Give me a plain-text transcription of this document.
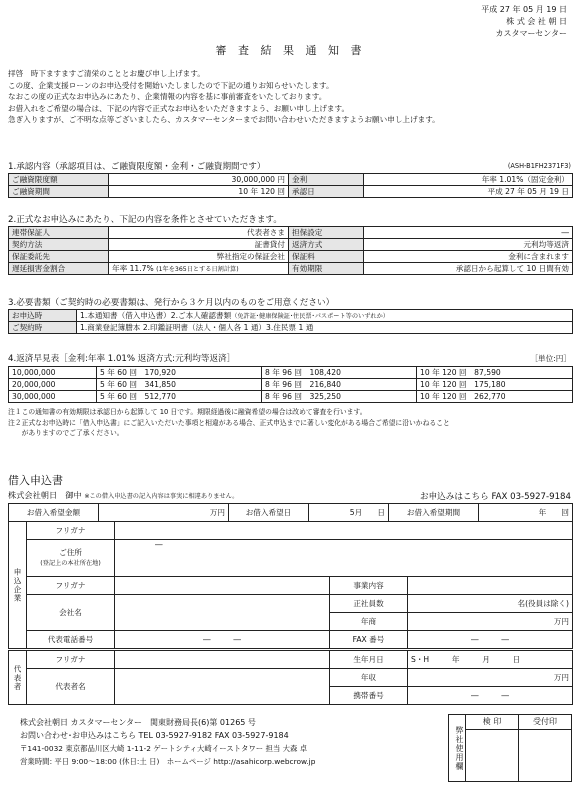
平成 27 年 05 月 19 日
株 式 会 社 朝 日
カスタマーセンター
審 査 結 果 通 知 書
拝啓　時下ますますご清栄のこととお慶び申し上げます。
この度、企業支援ローンのお申込受付を開始いたしましたので下記の通りお知らせいたします。
なおこの度の正式なお申込みにあたり、企業情報の内容を基に事前審査をいたしております。
お借入れをご希望の場合は、下記の内容で正式なお申込をいただきますよう、お願い申し上げます。
急ぎ入りますが、ご不明な点等ございましたら、カスタマーセンターまでお問い合わせいただきますようお願い申し上げます。
1.承認内容（承認項目は、ご融資限度額・金利・ご融資期間です）	(ASH-B1FH2371F3)
ご融資限度額	30,000,000 円	金利	年率 1.01%（固定金利）
ご融資期間	10 年 120 回	承認日	平成 27 年 05 月 19 日
2.正式なお申込みにあたり、下記の内容を条件とさせていただきます。
連帯保証人	代表者さま	担保設定	―
契約方法	証書貸付	返済方式	元利均等返済
保証委託先	弊社指定の保証会社	保証料	金利に含まれます
遅延損害金割合	年率 11.7% (1年を365日とする日割計算)	有効期限	承認日から起算して 10 日間有効
3.必要書類（ご契約時の必要書類は、発行から３ケ月以内のものをご用意ください）
お申込時	1.本通知書（借入申込書）2.ご本人確認書類（免許証･健康保険証･住民票･パスポート等のいずれか）
ご契約時	1.商業登記簿謄本 2.印鑑証明書（法人・個人各 1 通）3.住民票 1 通
4.返済早見表［金利:年率 1.01% 返済方式:元利均等返済］	［単位:円］
10,000,000	5 年 60 回　170,920	8 年 96 回　108,420	10 年 120 回　87,590
20,000,000	5 年 60 回　341,850	8 年 96 回　216,840	10 年 120 回　175,180
30,000,000	5 年 60 回　512,770	8 年 96 回　325,250	10 年 120 回　262,770
注１この通知書の有効期限は承認日から起算して 10 日です。期限経過後に融資希望の場合は改めて審査を行います。
注２正式なお申込時に「借入申込書」にご記入いただいた事項と相違がある場合、正式申込までに著しい変化がある場合ご希望に沿いかねること
　　がありますのでご了承ください。
借入申込書
株式会社朝日　御中 ※この借入申込書の記入内容は事実に相違ありません。	お申込みはこちら FAX 03-5927-9184
お借入希望金額	万円	お借入希望日	5月　　日	お借入希望期間	年　　回
申込企業	フリガナ			

	ご住所
(登記上の本社所在地)	―		
	フリガナ		事業内容	
	会社名		正社員数	名(役員は除く)
			年商	万円
	代表電話番号	―　　　―	FAX 番号	―　　　―
代表者	フリガナ		生年月日	S・H　　　年　　　月　　　日
	代表者名		年収	万円
			携帯番号	―　　　―
株式会社朝日 カスタマーセンター　関東財務局長(6)第 01265 号
お問い合わせ･お申込みはこちら TEL 03-5927-9182 FAX 03-5927-9184
〒141-0032 東京都品川区大崎 1-11-2 ゲートシティ大崎イーストタワー 担当 大森 卓
営業時間: 平日 9:00～18:00 (休日:土 日)　ホームページ http://asahicorp.webcrow.jp	弊社使用欄
検 印	受付印
